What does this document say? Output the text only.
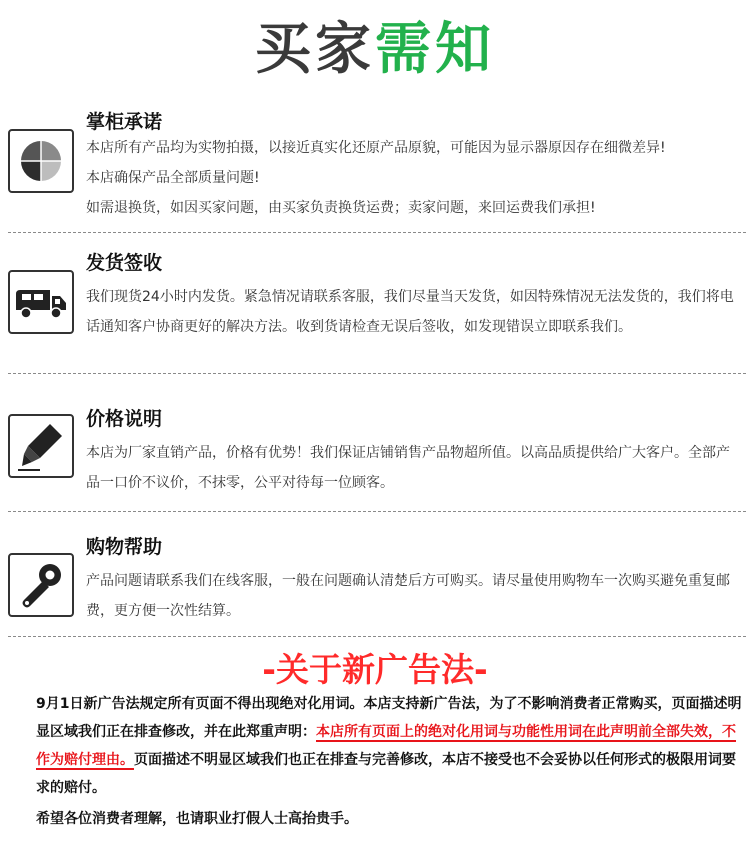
买家需知
掌柜承诺
本店所有产品均为实物拍摄，以接近真实化还原产品原貌，可能因为显示器原因存在细微差异!
本店确保产品全部质量问题!
如需退换货，如因买家问题，由买家负责换货运费；卖家问题，来回运费我们承担!
发货签收
我们现货24小时内发货。紧急情况请联系客服，我们尽量当天发货，如因特殊情况无法发货的，我们将电话通知客户协商更好的解决方法。收到货请检查无误后签收，如发现错误立即联系我们。
价格说明
本店为厂家直销产品，价格有优势！我们保证店铺销售产品物超所值。以高品质提供给广大客户。全部产品一口价不议价，不抹零，公平对待每一位顾客。
购物帮助
产品问题请联系我们在线客服，一般在问题确认清楚后方可购买。请尽量使用购物车一次购买避免重复邮费，更方便一次性结算。
-关于新广告法-

9月1日新广告法规定所有页面不得出现绝对化用词。本店支持新广告法，为了不影响消费者正常购买，页面描述明显区域我们正在排查修改，并在此郑重声明：本店所有页面上的绝对化用词与功能性用词在此声明前全部失效，不作为赔付理由。页面描述不明显区域我们也正在排查与完善修改，本店不接受也不会妥协以任何形式的极限用词要求的赔付。

希望各位消费者理解，也请职业打假人士高抬贵手。
